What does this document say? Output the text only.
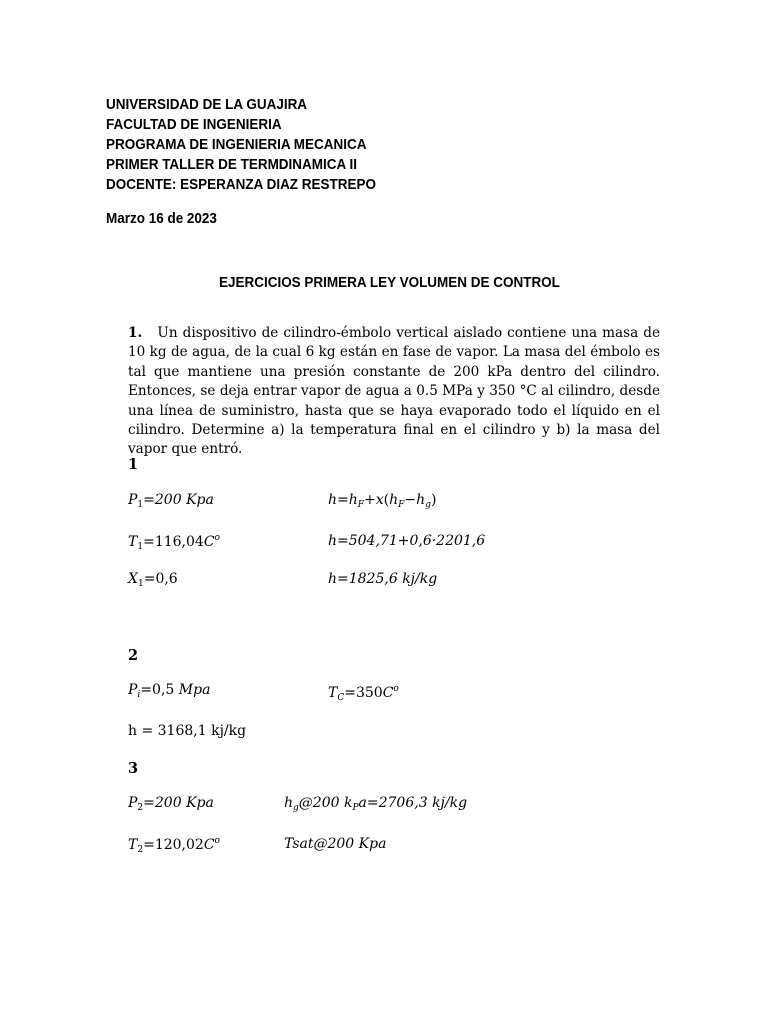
UNIVERSIDAD DE LA GUAJIRA
FACULTAD DE INGENIERIA
PROGRAMA DE INGENIERIA MECANICA
PRIMER TALLER DE TERMDINAMICA II
DOCENTE: ESPERANZA DIAZ RESTREPO
Marzo 16 de 2023
EJERCICIOS PRIMERA LEY VOLUMEN DE CONTROL
1. Un dispositivo de cilindro-émbolo vertical aislado contiene una masa de 10 kg de agua, de la cual 6 kg están en fase de vapor. La masa del émbolo es tal que mantiene una presión constante de 200 kPa dentro del cilindro. Entonces, se deja entrar vapor de agua a 0.5 MPa y 350 °C al cilindro, desde una línea de suministro, hasta que se haya evaporado todo el líquido en el cilindro. Determine a) la temperatura final en el cilindro y b) la masa del vapor que entró.
1
$P_1=200$ Kpa
$T_1=116,04C^o$
$X_1=0,6$
$h=h_F+x(h_F-h_g)$
h=504,71+0,6·2201,6
h=1825,6 kj/kg
2
$P_i=0,5$ Mpa	$T_C=350C^o$
h = 3168,1 kj/kg
3
$P_2=200$ Kpa
$T_2=120,02C^o$
$h_g@200$ $k_Pa=2706,3$ kj/kg
Tsat@200 Kpa
